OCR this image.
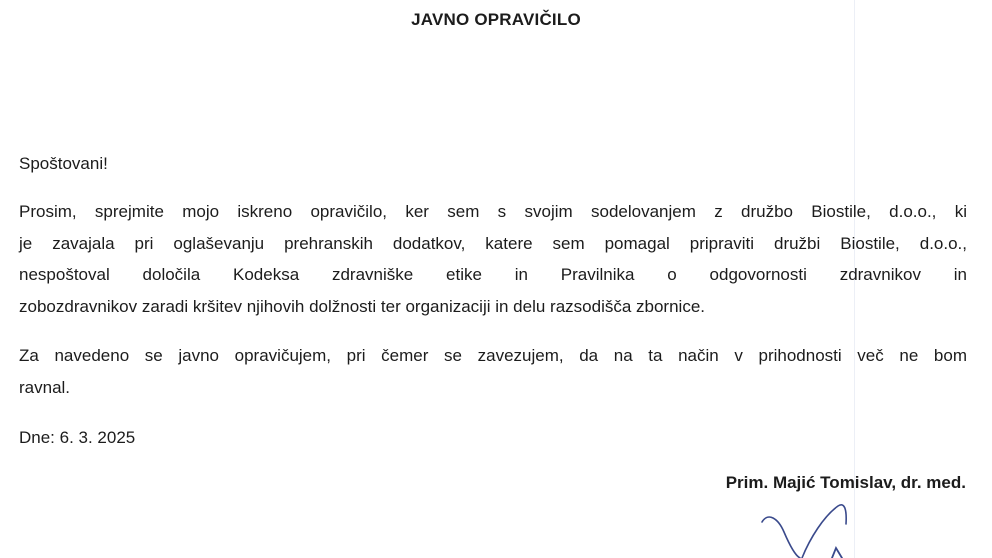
JAVNO OPRAVIČILO
Spoštovani!
Prosim, sprejmite mojo iskreno opravičilo, ker sem s svojim sodelovanjem z družbo Biostile, d.o.o., ki
je zavajala pri oglaševanju prehranskih dodatkov, katere sem pomagal pripraviti družbi Biostile, d.o.o.,
nespoštoval določila Kodeksa zdravniške etike in Pravilnika o odgovornosti zdravnikov in
zobozdravnikov zaradi kršitev njihovih dolžnosti ter organizaciji in delu razsodišča zbornice.
Za navedeno se javno opravičujem, pri čemer se zavezujem, da na ta način v prihodnosti več ne bom
ravnal.
Dne: 6. 3. 2025
Prim. Majić Tomislav, dr. med.
